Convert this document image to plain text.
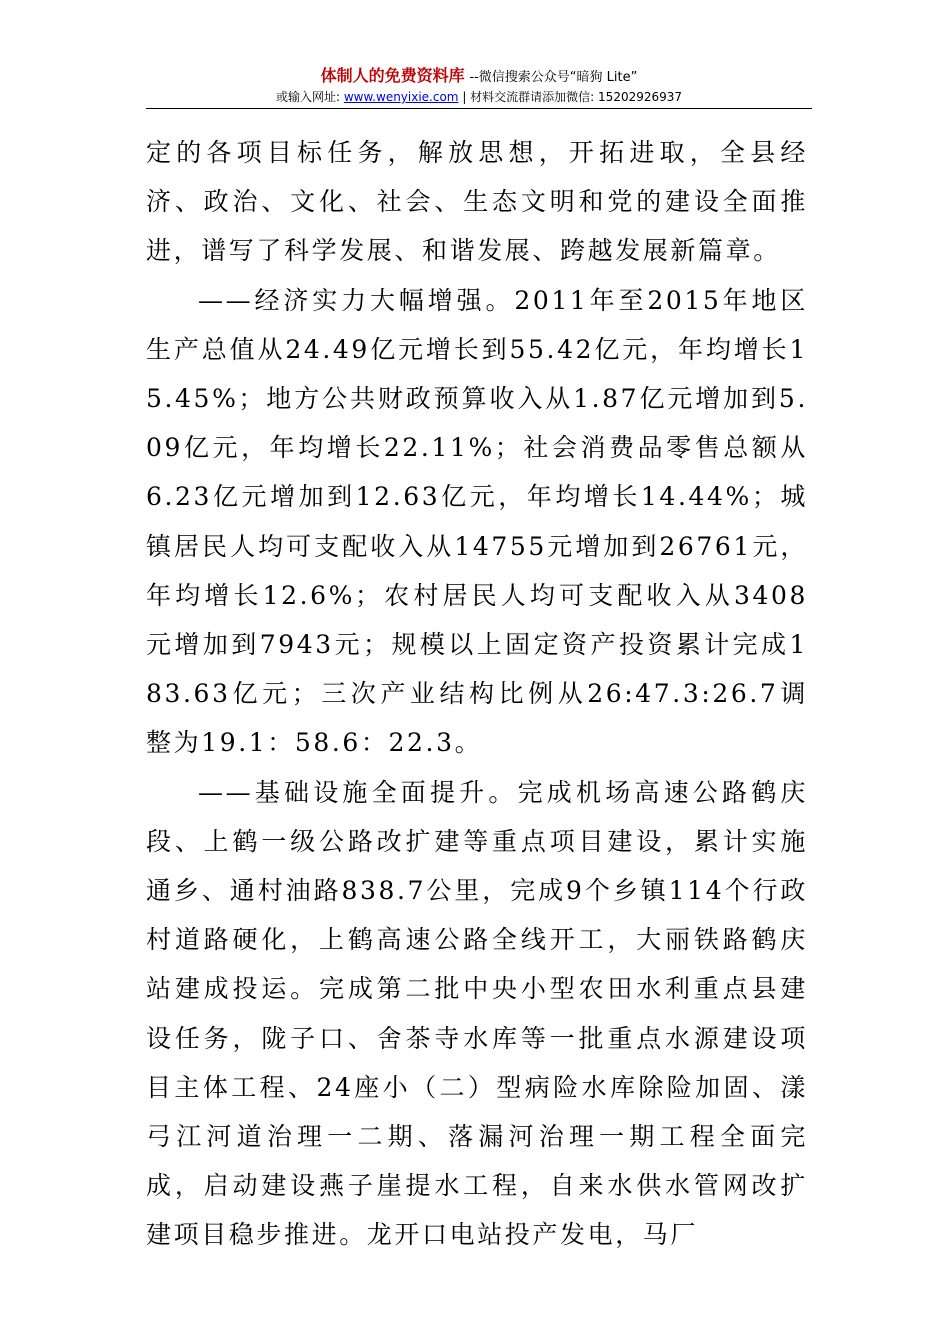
体制人的免费资料库 --微信搜索公众号“暗狗 Lite”
或输入网址: www.wenyixie.com | 材料交流群请添加微信: 15202926937

定的各项目标任务，解放思想，开拓进取，全县经济、政治、文化、社会、生态文明和党的建设全面推进，谱写了科学发展、和谐发展、跨越发展新篇章。

——经济实力大幅增强。2011年至2015年地区生产总值从24.49亿元增长到55.42亿元，年均增长15.45%；地方公共财政预算收入从1.87亿元增加到5.09亿元，年均增长22.11%；社会消费品零售总额从6.23亿元增加到12.63亿元，年均增长14.44%；城镇居民人均可支配收入从14755元增加到26761元，年均增长12.6%；农村居民人均可支配收入从3408元增加到7943元；规模以上固定资产投资累计完成183.63亿元；三次产业结构比例从26:47.3:26.7调整为19.1：58.6：22.3。

——基础设施全面提升。完成机场高速公路鹤庆段、上鹤一级公路改扩建等重点项目建设，累计实施通乡、通村油路838.7公里，完成9个乡镇114个行政村道路硬化，上鹤高速公路全线开工，大丽铁路鹤庆站建成投运。完成第二批中央小型农田水利重点县建设任务，陇子口、舍茶寺水库等一批重点水源建设项目主体工程、24座小（二）型病险水库除险加固、漾弓江河道治理一二期、落漏河治理一期工程全面完成，启动建设燕子崖提水工程，自来水供水管网改扩建项目稳步推进。龙开口电站投产发电，马厂
